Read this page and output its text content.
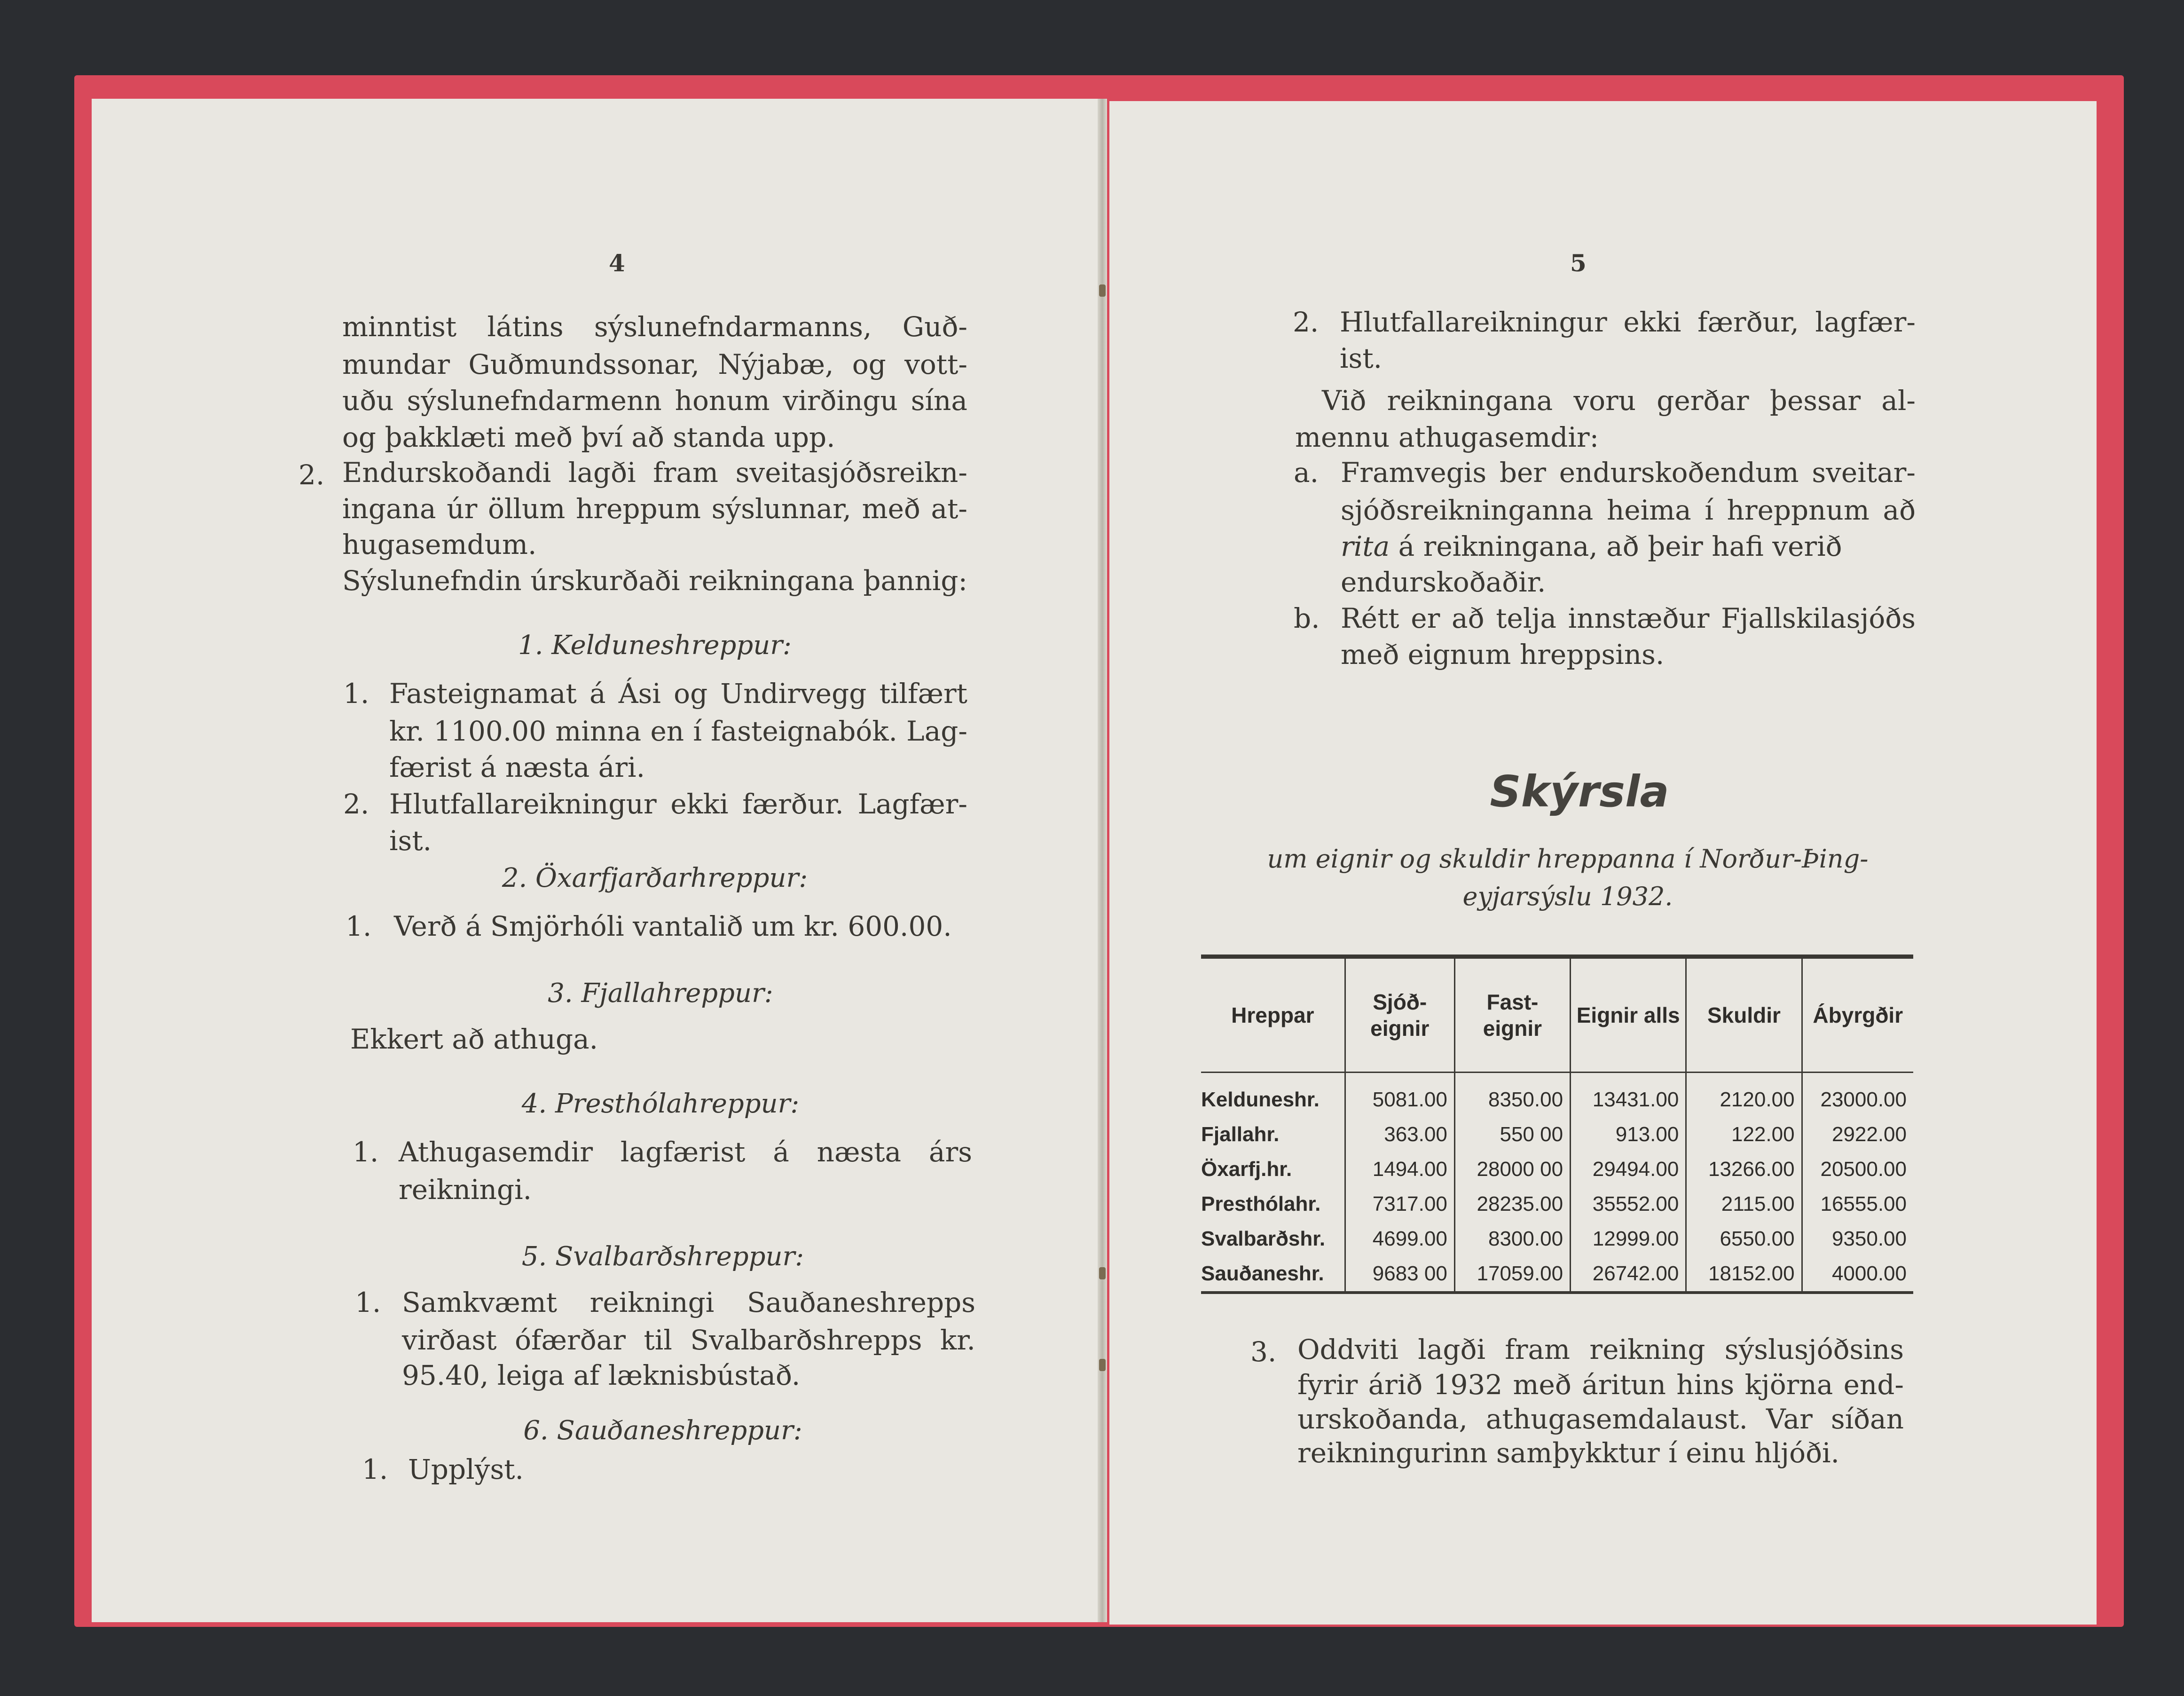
4
minntist látins sýslunefndarmanns, Guð-
mundar Guðmundssonar, Nýjabæ, og vott-
uðu sýslunefndarmenn honum virðingu sína
og þakklæti með því að standa upp.
2. Endurskoðandi lagði fram sveitasjóðsreikn-
ingana úr öllum hreppum sýslunnar, með at-
hugasemdum.
Sýslunefndin úrskurðaði reikningana þannig:
1. Kelduneshreppur:
1. Fasteignamat á Ási og Undirvegg tilfært
kr. 1100.00 minna en í fasteignabók. Lag-
færist á næsta ári.
2. Hlutfallareikningur ekki færður. Lagfær-
ist.
2. Öxarfjarðarhreppur:
1. Verð á Smjörhóli vantalið um kr. 600.00.
3. Fjallahreppur:
Ekkert að athuga.
4. Presthólahreppur:
1. Athugasemdir lagfærist á næsta árs
reikningi.
5. Svalbarðshreppur:
1. Samkvæmt reikningi Sauðaneshrepps
virðast ófærðar til Svalbarðshrepps kr.
95.40, leiga af læknisbústað.
6. Sauðaneshreppur:
1. Upplýst.
5
2. Hlutfallareikningur ekki færður, lagfær-
ist.
Við reikningana voru gerðar þessar al-
mennu athugasemdir:
a. Framvegis ber endurskoðendum sveitar-
sjóðsreikninganna heima í hreppnum að
rita á reikningana, að þeir hafi verið
endurskoðaðir.
b. Rétt er að telja innstæður Fjallskilasjóðs
með eignum hreppsins.
Skýrsla
um eignir og skuldir hreppanna í Norður-Þing-
eyjarsýslu 1932.
Hreppar	Sjóð- eignir	Fast- eignir	Eignir alls	Skuldir	Ábyrgðir
Kelduneshr.	5081.00	8350.00	13431.00	2120.00	23000.00
Fjallahr.	363.00	550 00	913.00	122.00	2922.00
Öxarfj.hr.	1494.00	28000 00	29494.00	13266.00	20500.00
Presthólahr.	7317.00	28235.00	35552.00	2115.00	16555.00
Svalbarðshr.	4699.00	8300.00	12999.00	6550.00	9350.00
Sauðaneshr.	9683 00	17059.00	26742.00	18152.00	4000.00
3. Oddviti lagði fram reikning sýslusjóðsins
fyrir árið 1932 með áritun hins kjörna end-
urskoðanda, athugasemdalaust. Var síðan
reikningurinn samþykktur í einu hljóði.
